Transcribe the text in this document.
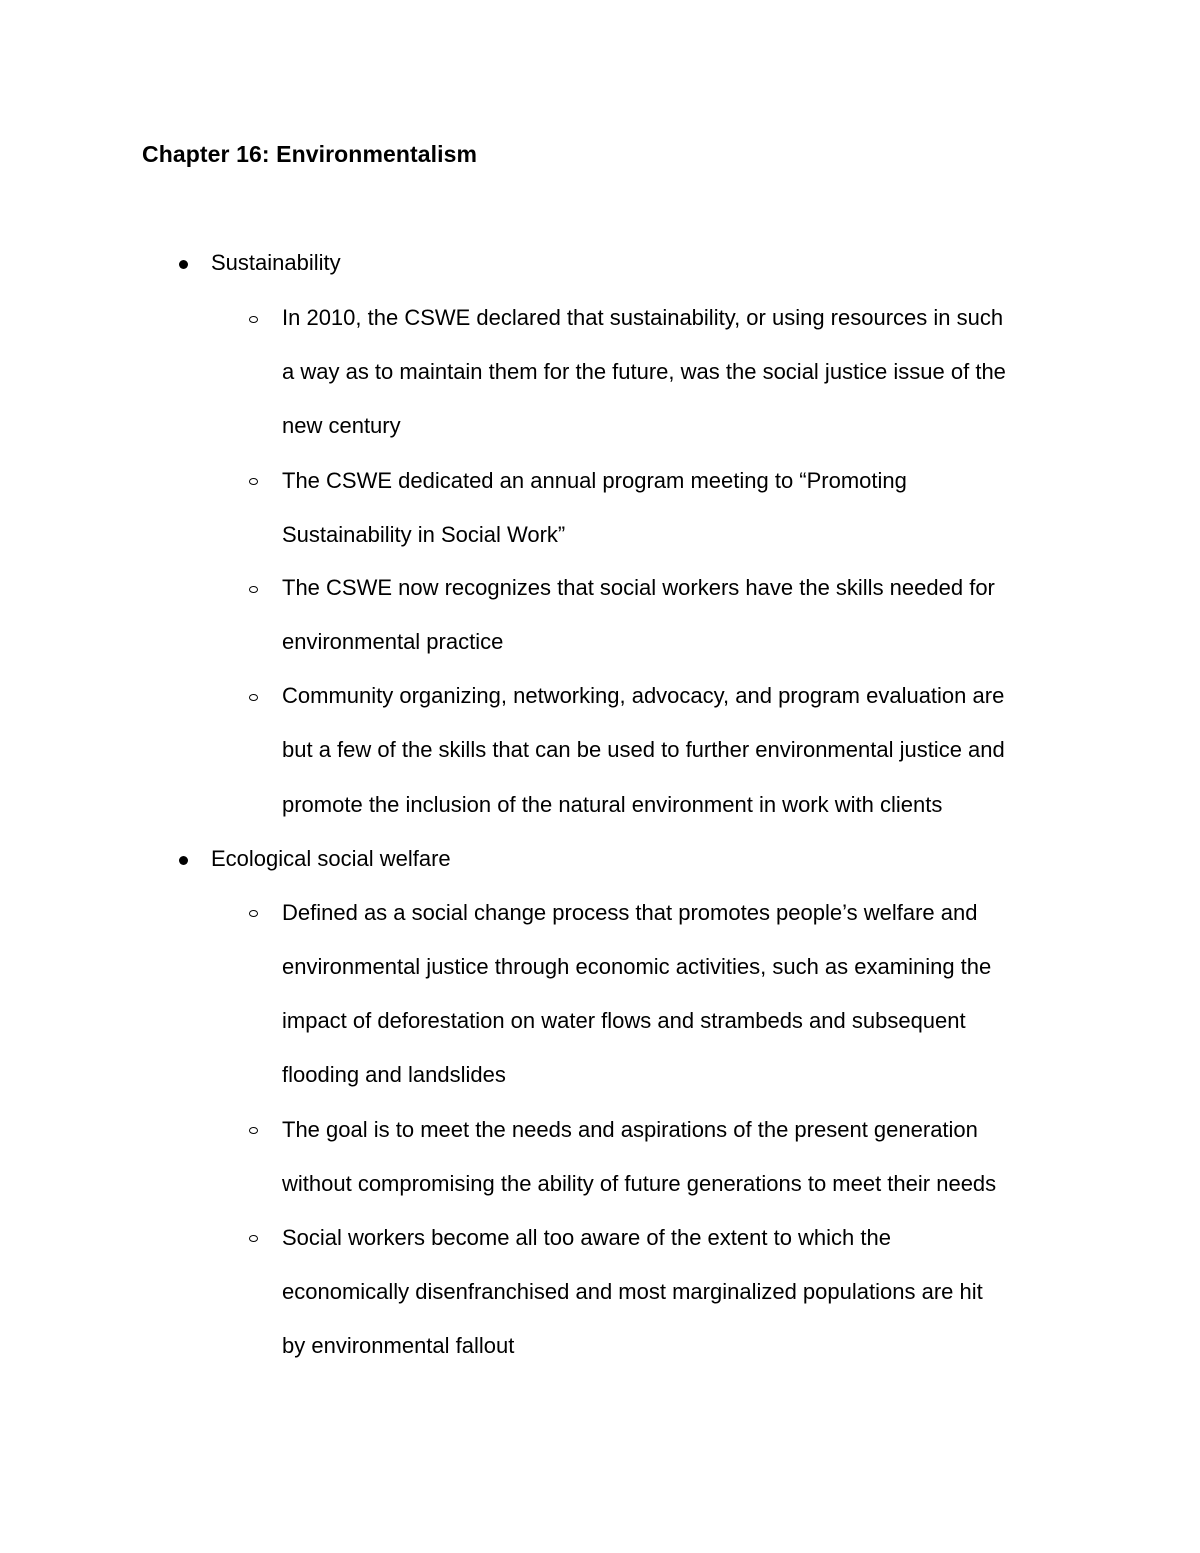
Chapter 16: Environmentalism
Sustainability
In 2010, the CSWE declared that sustainability, or using resources in such
a way as to maintain them for the future, was the social justice issue of the
new century
The CSWE dedicated an annual program meeting to “Promoting
Sustainability in Social Work”
The CSWE now recognizes that social workers have the skills needed for
environmental practice
Community organizing, networking, advocacy, and program evaluation are
but a few of the skills that can be used to further environmental justice and
promote the inclusion of the natural environment in work with clients
Ecological social welfare
Defined as a social change process that promotes people’s welfare and
environmental justice through economic activities, such as examining the
impact of deforestation on water flows and strambeds and subsequent
flooding and landslides
The goal is to meet the needs and aspirations of the present generation
without compromising the ability of future generations to meet their needs
Social workers become all too aware of the extent to which the
economically disenfranchised and most marginalized populations are hit
by environmental fallout
